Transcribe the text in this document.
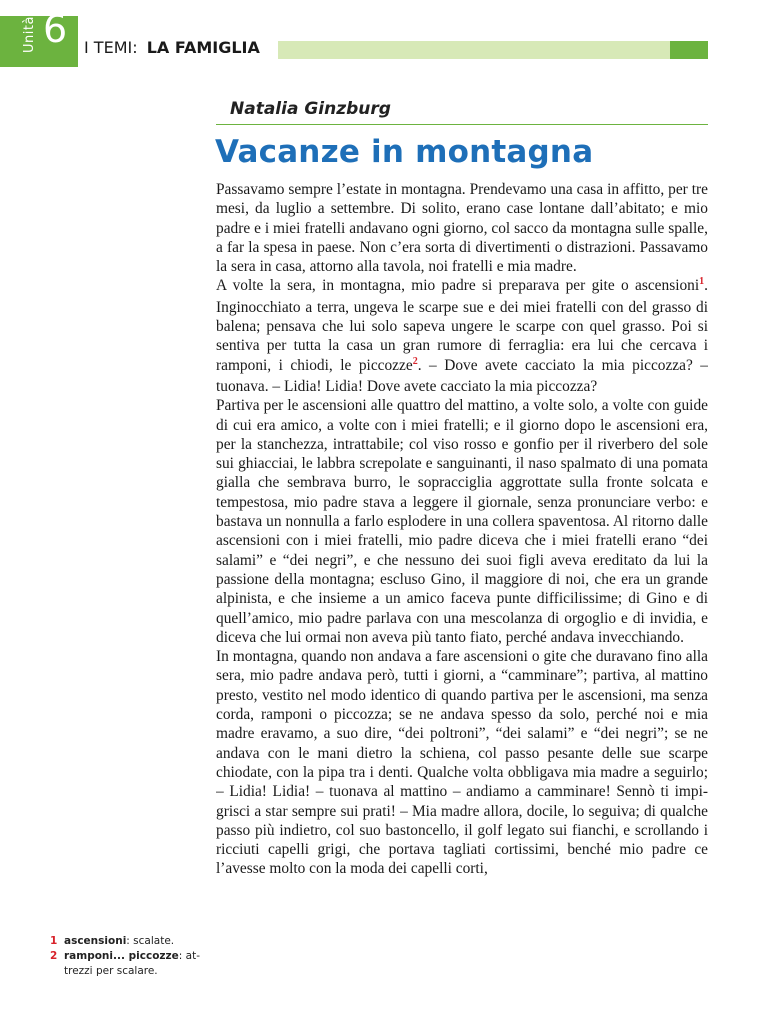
Unità 6 I TEMI: LA FAMIGLIA
Natalia Ginzburg
Vacanze in montagna

Passavamo sempre l’estate in montagna. Prendevamo una casa in affitto, per tre mesi, da luglio a settembre. Di solito, erano case lontane dall’abitato; e mio padre e i miei fratelli andavano ogni giorno, col sacco da montagna sulle spalle, a far la spesa in paese. Non c’era sorta di divertimenti o distrazioni. Passavamo la sera in casa, attorno alla tavola, noi fratelli e mia madre.

A volte la sera, in montagna, mio padre si preparava per gite o ascensioni$^1$. Inginocchiato a terra, ungeva le scarpe sue e dei miei fratelli con del grasso di balena; pensava che lui solo sapeva ungere le scarpe con quel grasso. Poi si sentiva per tutta la casa un gran rumore di ferraglia: era lui che cercava i ramponi, i chiodi, le piccozze$^2$. – Dove avete cacciato la mia piccozza? – tuonava. – Lidia! Lidia! Dove avete cacciato la mia piccozza?

Partiva per le ascensioni alle quattro del mattino, a volte solo, a volte con guide di cui era amico, a volte con i miei fratelli; e il giorno dopo le ascensioni era, per la stanchezza, intrattabile; col viso rosso e gonfio per il riverbero del sole sui ghiacciai, le labbra screpolate e sanguinanti, il naso spalmato di una pomata gialla che sembrava burro, le sopracciglia aggrottate sulla fronte solcata e tempestosa, mio padre stava a leggere il giornale, senza pronunciare verbo: e bastava un nonnulla a farlo esplodere in una collera spaventosa. Al ritorno dalle ascensioni con i miei fratelli, mio padre diceva che i miei fratelli erano “dei salami” e “dei negri”, e che nessuno dei suoi figli aveva ereditato da lui la passione della montagna; escluso Gino, il maggiore di noi, che era un grande alpinista, e che insieme a un amico faceva punte difficilissime; di Gino e di quell’amico, mio padre parlava con una mescolanza di orgoglio e di invidia, e diceva che lui ormai non aveva più tanto fiato, perché andava invecchiando.

In montagna, quando non andava a fare ascensioni o gite che duravano fino alla sera, mio padre andava però, tutti i giorni, a “camminare”; partiva, al mattino presto, vestito nel modo identico di quando partiva per le ascensioni, ma senza corda, ramponi o piccozza; se ne andava spesso da solo, perché noi e mia madre eravamo, a suo dire, “dei poltroni”, “dei salami” e “dei negri”; se ne andava con le mani dietro la schiena, col passo pesante delle sue scarpe chiodate, con la pipa tra i denti. Qualche volta obbligava mia madre a seguirlo; – Lidia! Lidia! – tuonava al mattino – andiamo a camminare! Sennò ti impigrisci a star sempre sui prati! – Mia madre allora, docile, lo seguiva; di qualche passo più indietro, col suo bastoncello, il golf legato sui fianchi, e scrollando i ricciuti capelli grigi, che portava tagliati cortissimi, benché mio padre ce l’avesse molto con la moda dei capelli corti,

1 ascensioni: scalate.
2 ramponi... piccozze: attrezzi per scalare.
